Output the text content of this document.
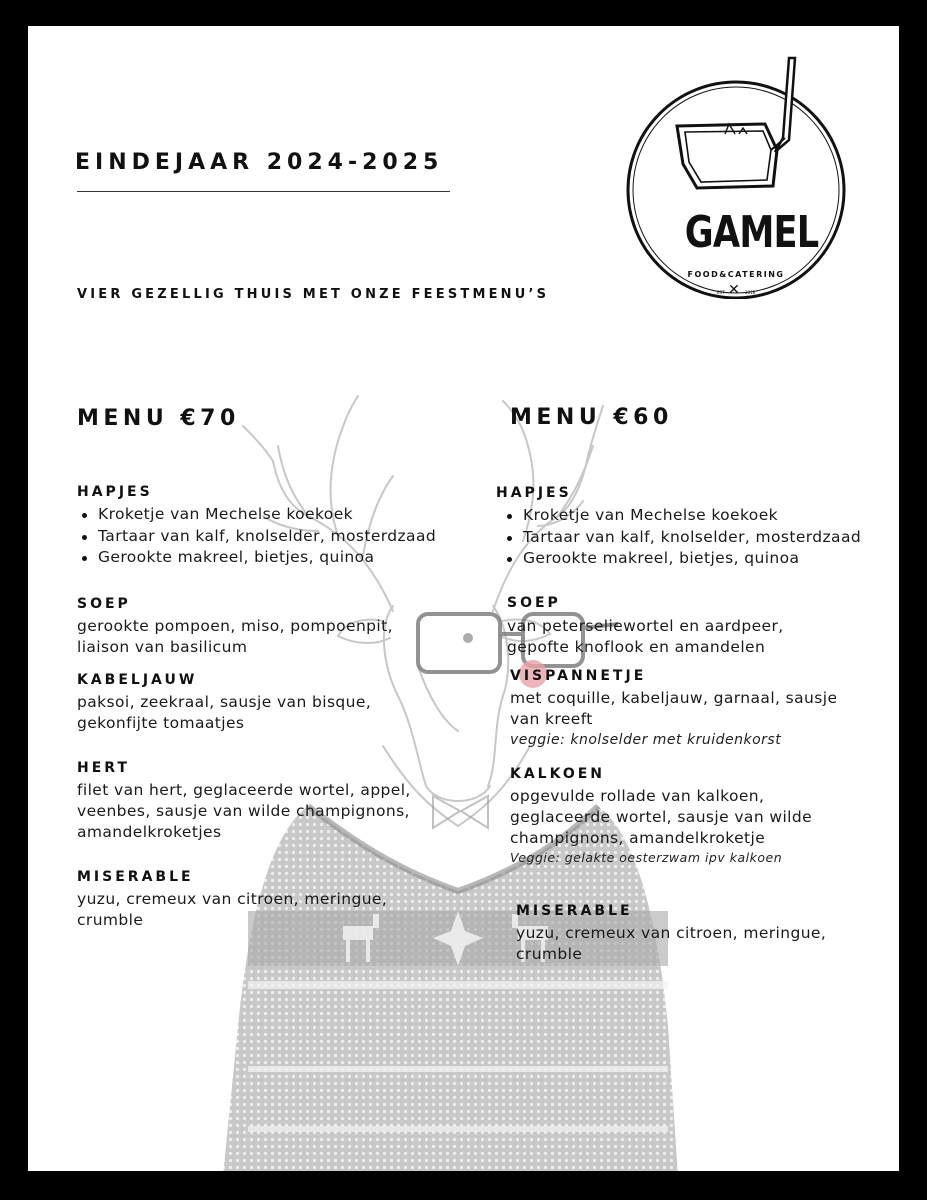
EINDEJAAR 2024-2025
VIER GEZELLIG THUIS MET ONZE FEESTMENU’S
GAMEL
FOOD&CATERING
EST ✕ 2018
MENU €70
HAPJES
Kroketje van Mechelse koekoek
Tartaar van kalf, knolselder, mosterdzaad
Gerookte makreel, bietjes, quinoa
SOEP
gerookte pompoen, miso, pompoenpit,
liaison van basilicum
KABELJAUW
paksoi, zeekraal, sausje van bisque,
gekonfijte tomaatjes
HERT
filet van hert, geglaceerde wortel, appel,
veenbes, sausje van wilde champignons,
amandelkroketjes
MISERABLE
yuzu, cremeux van citroen, meringue,
crumble
MENU €60
HAPJES
Kroketje van Mechelse koekoek
Tartaar van kalf, knolselder, mosterdzaad
Gerookte makreel, bietjes, quinoa
SOEP
van peterseliewortel en aardpeer,
gepofte knoflook en amandelen
VISPANNETJE
met coquille, kabeljauw, garnaal, sausje
van kreeft
veggie: knolselder met kruidenkorst
KALKOEN
opgevulde rollade van kalkoen,
geglaceerde wortel, sausje van wilde
champignons, amandelkroketje
Veggie: gelakte oesterzwam ipv kalkoen
MISERABLE
yuzu, cremeux van citroen, meringue,
crumble
